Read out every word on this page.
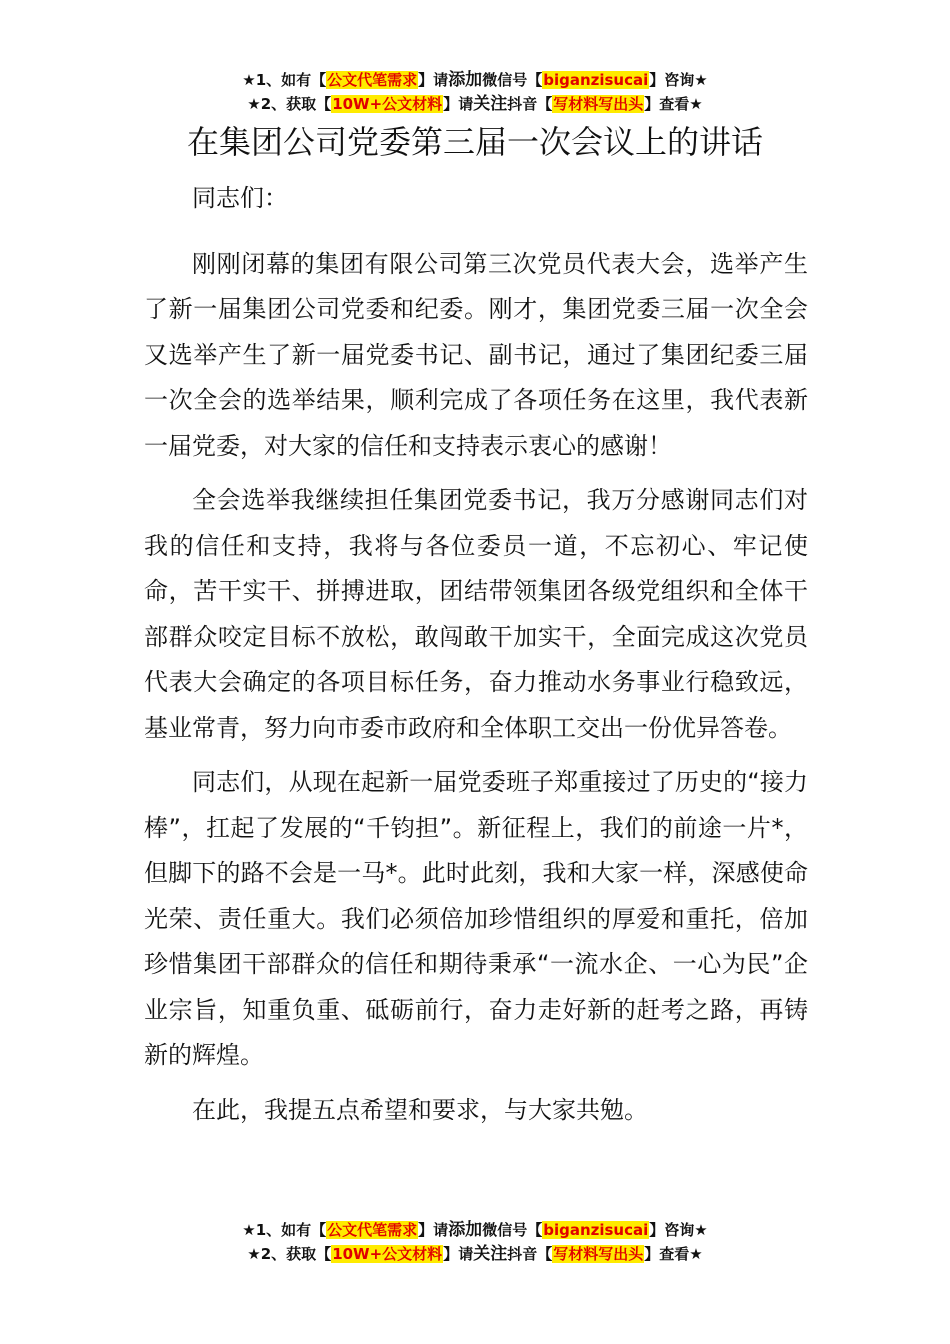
★1、如有【公文代笔需求】请添加微信号【biganzisucai】咨询★
★2、获取【10W+公文材料】请关注抖音【写材料写出头】查看★
在集团公司党委第三届一次会议上的讲话

同志们：

刚刚闭幕的集团有限公司第三次党员代表大会，选举产生了新一届集团公司党委和纪委。刚才，集团党委三届一次全会又选举产生了新一届党委书记、副书记，通过了集团纪委三届一次全会的选举结果，顺利完成了各项任务在这里，我代表新一届党委，对大家的信任和支持表示衷心的感谢！

全会选举我继续担任集团党委书记，我万分感谢同志们对我的信任和支持，我将与各位委员一道，不忘初心、牢记使命，苦干实干、拼搏进取，团结带领集团各级党组织和全体干部群众咬定目标不放松，敢闯敢干加实干，全面完成这次党员代表大会确定的各项目标任务，奋力推动水务事业行稳致远，基业常青，努力向市委市政府和全体职工交出一份优异答卷。

同志们，从现在起新一届党委班子郑重接过了历史的“接力棒”，扛起了发展的“千钧担”。新征程上，我们的前途一片*，但脚下的路不会是一马*。此时此刻，我和大家一样，深感使命光荣、责任重大。我们必须倍加珍惜组织的厚爱和重托，倍加珍惜集团干部群众的信任和期待秉承“一流水企、一心为民”企业宗旨，知重负重、砥砺前行，奋力走好新的赶考之路，再铸新的辉煌。

在此，我提五点希望和要求，与大家共勉。

★1、如有【公文代笔需求】请添加微信号【biganzisucai】咨询★
★2、获取【10W+公文材料】请关注抖音【写材料写出头】查看★
